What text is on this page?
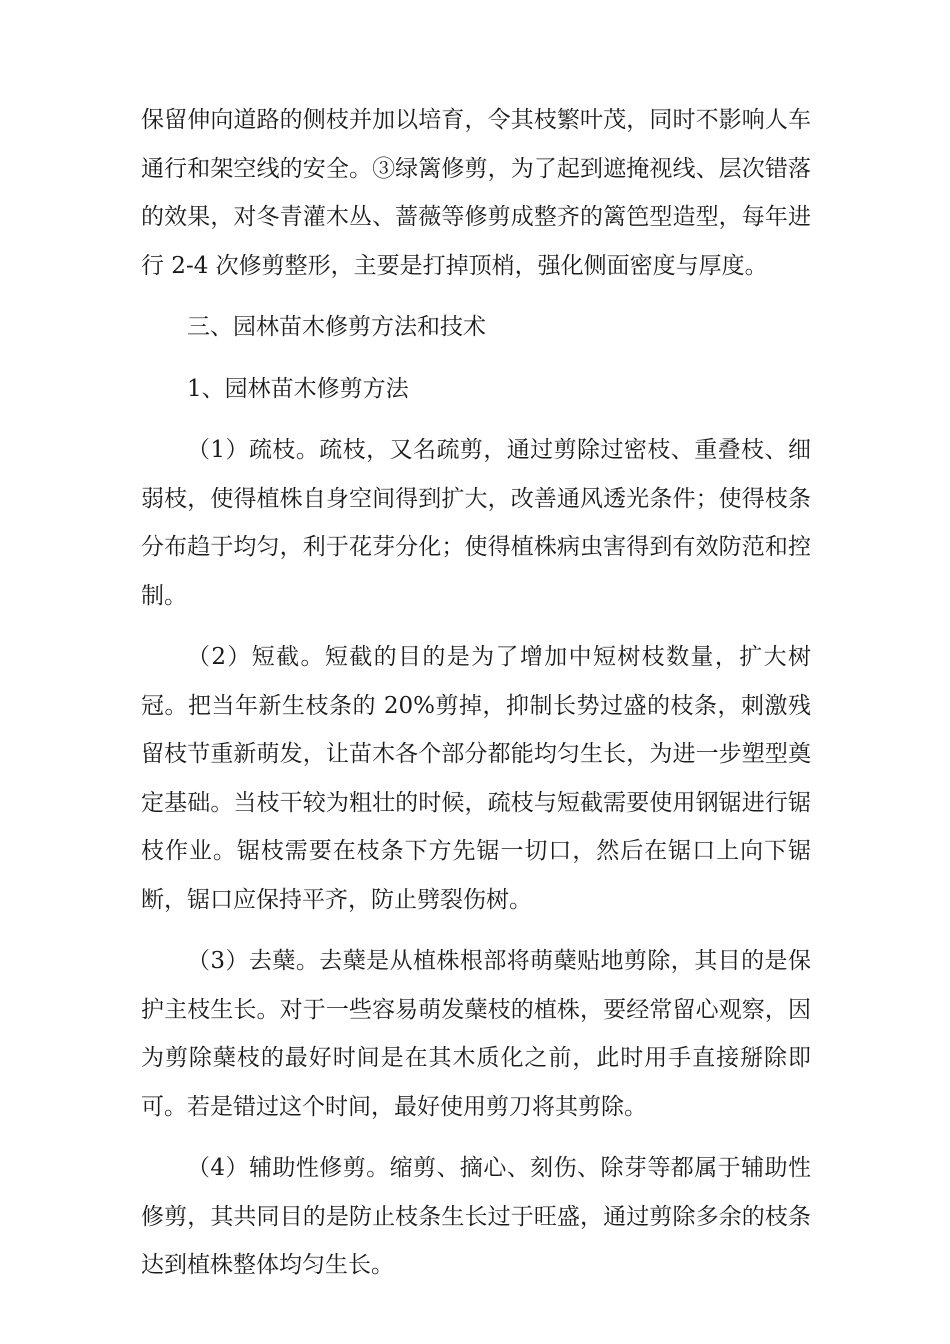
保留伸向道路的侧枝并加以培育，令其枝繁叶茂，同时不影响人车通行和架空线的安全。③绿篱修剪，为了起到遮掩视线、层次错落的效果，对冬青灌木丛、蔷薇等修剪成整齐的篱笆型造型，每年进行 2-4 次修剪整形，主要是打掉顶梢，强化侧面密度与厚度。

三、园林苗木修剪方法和技术

1、园林苗木修剪方法

（1）疏枝。疏枝，又名疏剪，通过剪除过密枝、重叠枝、细弱枝，使得植株自身空间得到扩大，改善通风透光条件；使得枝条分布趋于均匀，利于花芽分化；使得植株病虫害得到有效防范和控制。

（2）短截。短截的目的是为了增加中短树枝数量，扩大树冠。把当年新生枝条的 20%剪掉，抑制长势过盛的枝条，刺激残留枝节重新萌发，让苗木各个部分都能均匀生长，为进一步塑型奠定基础。当枝干较为粗壮的时候，疏枝与短截需要使用钢锯进行锯枝作业。锯枝需要在枝条下方先锯一切口，然后在锯口上向下锯断，锯口应保持平齐，防止劈裂伤树。

（3）去蘖。去蘖是从植株根部将萌蘖贴地剪除，其目的是保护主枝生长。对于一些容易萌发蘖枝的植株，要经常留心观察，因为剪除蘖枝的最好时间是在其木质化之前，此时用手直接掰除即可。若是错过这个时间，最好使用剪刀将其剪除。

（4）辅助性修剪。缩剪、摘心、刻伤、除芽等都属于辅助性修剪，其共同目的是防止枝条生长过于旺盛，通过剪除多余的枝条达到植株整体均匀生长。
